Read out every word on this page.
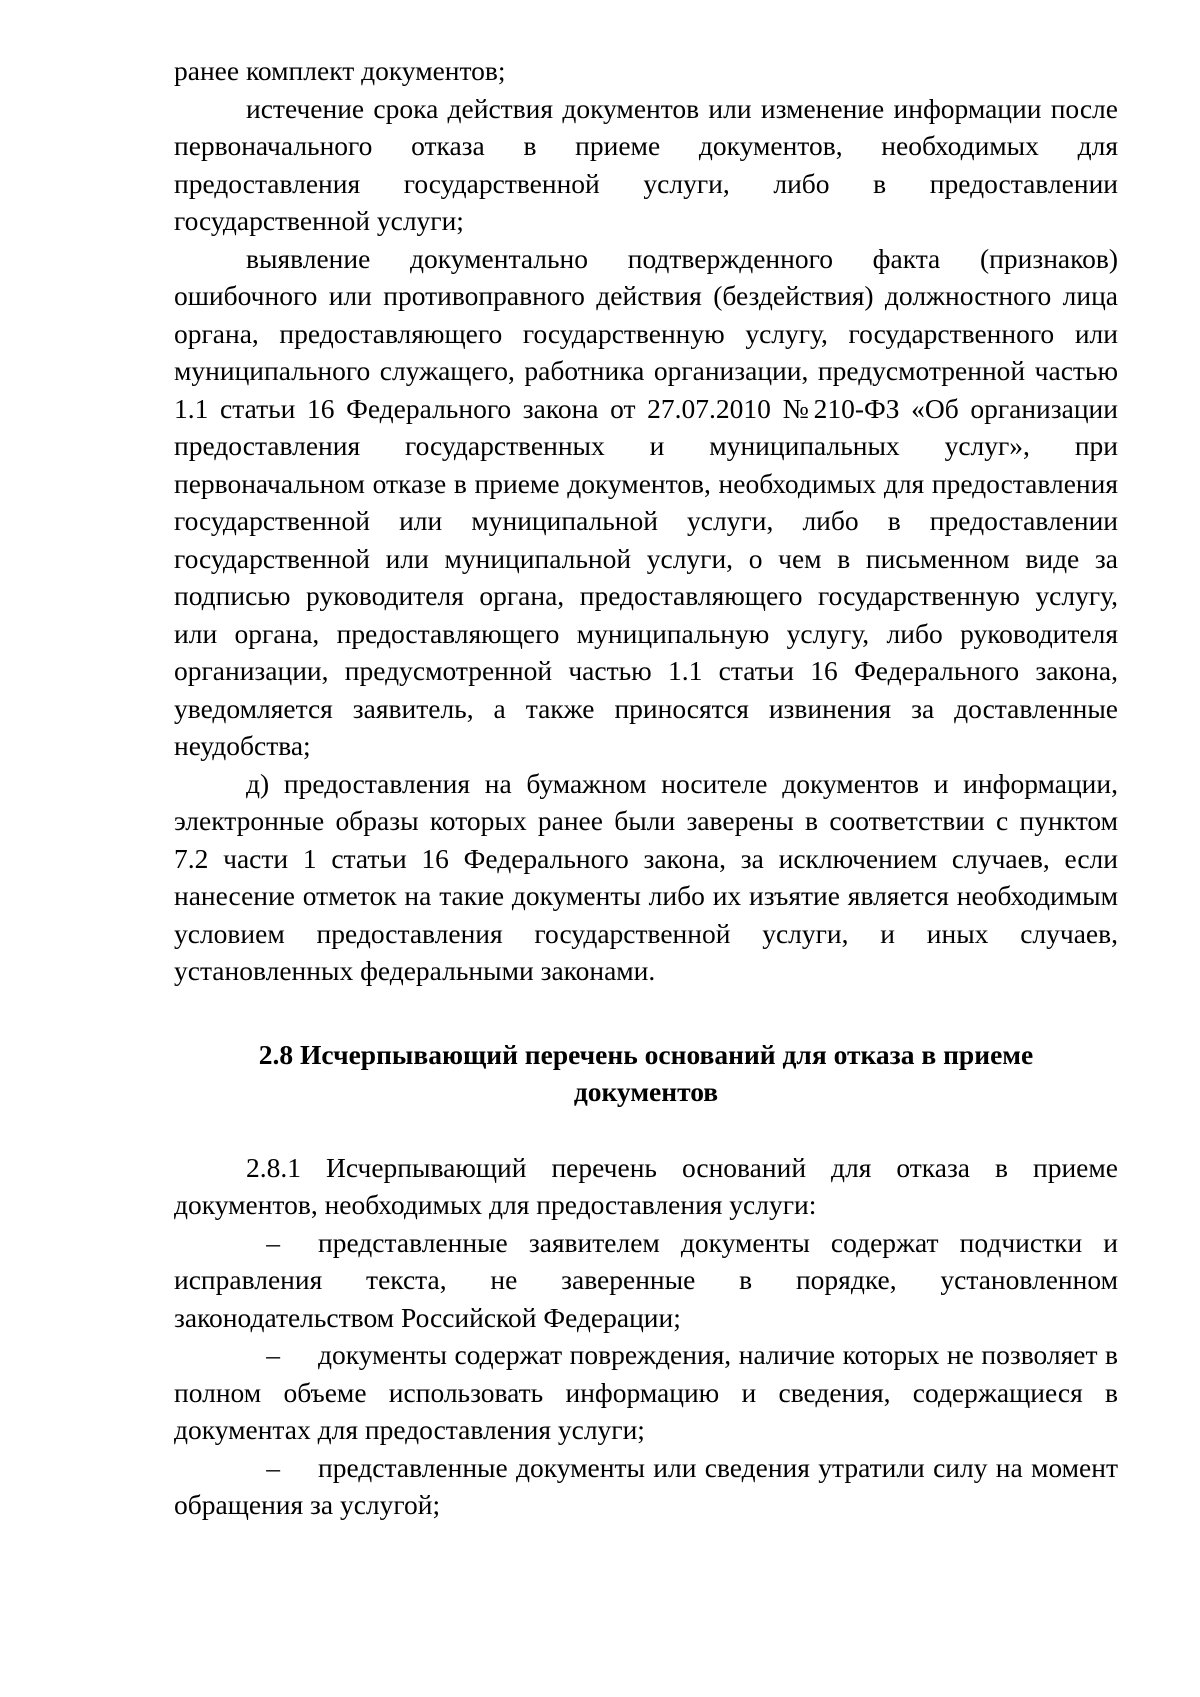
ранее комплект документов;

истечение срока действия документов или изменение информации после первоначального отказа в приеме документов, необходимых для предоставления государственной услуги, либо в предоставлении государственной услуги;

выявление документально подтвержденного факта (признаков) ошибочного или противоправного действия (бездействия) должностного лица органа, предоставляющего государственную услугу, государственного или муниципального служащего, работника организации, предусмотренной частью 1.1 статьи 16 Федерального закона от 27.07.2010 №210-ФЗ «Об организации предоставления государственных и муниципальных услуг», при первоначальном отказе в приеме документов, необходимых для предоставления государственной или муниципальной услуги, либо в предоставлении государственной или муниципальной услуги, о чем в письменном виде за подписью руководителя органа, предоставляющего государственную услугу, или органа, предоставляющего муниципальную услугу, либо руководителя организации, предусмотренной частью 1.1 статьи 16 Федерального закона, уведомляется заявитель, а также приносятся извинения за доставленные неудобства;

д) предоставления на бумажном носителе документов и информации, электронные образы которых ранее были заверены в соответствии с пунктом 7.2 части 1 статьи 16 Федерального закона, за исключением случаев, если нанесение отметок на такие документы либо их изъятие является необходимым условием предоставления государственной услуги, и иных случаев, установленных федеральными законами.

2.8 Исчерпывающий перечень оснований для отказа в приеме документов

2.8.1 Исчерпывающий перечень оснований для отказа в приеме документов, необходимых для предоставления услуги:

– представленные заявителем документы содержат подчистки и исправления текста, не заверенные в порядке, установленном законодательством Российской Федерации;

– документы содержат повреждения, наличие которых не позволяет в полном объеме использовать информацию и сведения, содержащиеся в документах для предоставления услуги;

– представленные документы или сведения утратили силу на момент обращения за услугой;
